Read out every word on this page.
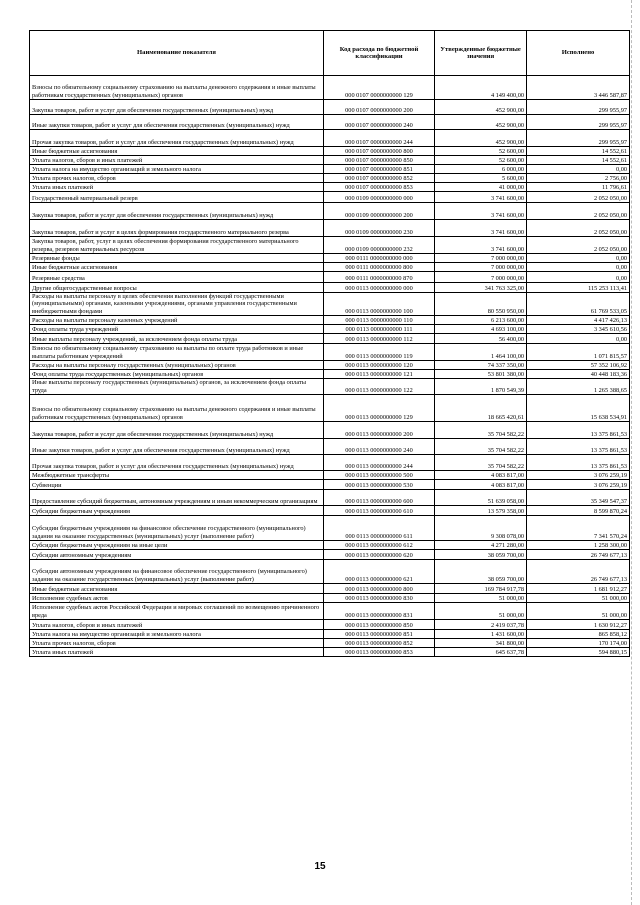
Наименование показателя	Код расхода по бюджетной классификации	Утвержденные бюджетные значения	Исполнено
Взносы по обязательному социальному страхованию на выплаты денежного содержания и иные выплаты работникам государственных (муниципальных) органов	000 0107 0000000000 129	4 149 400,00	3 446 587,87
Закупка товаров, работ и услуг для обеспечения государственных (муниципальных) нужд	000 0107 0000000000 200	452 900,00	299 955,97
Иные закупки товаров, работ и услуг для обеспечения государственных (муниципальных) нужд	000 0107 0000000000 240	452 900,00	299 955,97
Прочая закупка товаров, работ и услуг для обеспечения государственных (муниципальных) нужд	000 0107 0000000000 244	452 900,00	299 955,97
Иные бюджетные ассигнования	000 0107 0000000000 800	52 600,00	14 552,61
Уплата налогов, сборов и иных платежей	000 0107 0000000000 850	52 600,00	14 552,61
Уплата налога на имущество организаций и земельного налога	000 0107 0000000000 851	6 000,00	0,00
Уплата прочих налогов, сборов	000 0107 0000000000 852	5 600,00	2 756,00
Уплата иных платежей	000 0107 0000000000 853	41 000,00	11 796,61
Государственный материальный резерв	000 0109 0000000000 000	3 741 600,00	2 052 050,00
Закупка товаров, работ и услуг для обеспечения государственных (муниципальных) нужд	000 0109 0000000000 200	3 741 600,00	2 052 050,00
Закупка товаров, работ и услуг в целях формирования государственного материального резерва	000 0109 0000000000 230	3 741 600,00	2 052 050,00
Закупка товаров, работ, услуг в целях обеспечения формирования государственного материального резерва, резервов материальных ресурсов	000 0109 0000000000 232	3 741 600,00	2 052 050,00
Резервные фонды	000 0111 0000000000 000	7 000 000,00	0,00
Иные бюджетные ассигнования	000 0111 0000000000 800	7 000 000,00	0,00
Резервные средства	000 0111 0000000000 870	7 000 000,00	0,00
Другие общегосударственные вопросы	000 0113 0000000000 000	341 763 325,00	115 253 113,41
Расходы на выплаты персоналу в целях обеспечения выполнения функций государственными (муниципальными) органами, казенными учреждениями, органами управления государственными внебюджетными фондами	000 0113 0000000000 100	80 550 950,00	61 769 533,05
Расходы на выплаты персоналу казенных учреждений	000 0113 0000000000 110	6 213 600,00	4 417 426,13
Фонд оплаты труда учреждений	000 0113 0000000000 111	4 693 100,00	3 345 610,56
Иные выплаты персоналу учреждений, за исключением фонда оплаты труда	000 0113 0000000000 112	56 400,00	0,00
Взносы по обязательному социальному страхованию на выплаты по оплате труда работников и иные выплаты работникам учреждений	000 0113 0000000000 119	1 464 100,00	1 071 815,57
Расходы на выплаты персоналу государственных (муниципальных) органов	000 0113 0000000000 120	74 337 350,00	57 352 106,92
Фонд оплаты труда государственных (муниципальных) органов	000 0113 0000000000 121	53 801 380,00	40 448 183,36
Иные выплаты персоналу государственных (муниципальных) органов, за исключением фонда оплаты труда	000 0113 0000000000 122	1 870 549,39	1 265 388,65
Взносы по обязательному социальному страхованию на выплаты денежного содержания и иные выплаты работникам государственных (муниципальных) органов	000 0113 0000000000 129	18 665 420,61	15 638 534,91
Закупка товаров, работ и услуг для обеспечения государственных (муниципальных) нужд	000 0113 0000000000 200	35 704 582,22	13 375 861,53
Иные закупки товаров, работ и услуг для обеспечения государственных (муниципальных) нужд	000 0113 0000000000 240	35 704 582,22	13 375 861,53
Прочая закупка товаров, работ и услуг для обеспечения государственных (муниципальных) нужд	000 0113 0000000000 244	35 704 582,22	13 375 861,53
Межбюджетные трансферты	000 0113 0000000000 500	4 083 817,00	3 076 259,19
Субвенции	000 0113 0000000000 530	4 083 817,00	3 076 259,19
Предоставление субсидий бюджетным, автономным учреждениям и иным некоммерческим организациям	000 0113 0000000000 600	51 639 058,00	35 349 547,37
Субсидии бюджетным учреждениям	000 0113 0000000000 610	13 579 358,00	8 599 870,24
Субсидии бюджетным учреждениям на финансовое обеспечение государственного (муниципального) задания на оказание государственных (муниципальных) услуг (выполнение работ)	000 0113 0000000000 611	9 308 078,00	7 341 570,24
Субсидии бюджетным учреждениям на иные цели	000 0113 0000000000 612	4 271 280,00	1 258 300,00
Субсидии автономным учреждениям	000 0113 0000000000 620	38 059 700,00	26 749 677,13
Субсидии автономным учреждениям на финансовое обеспечение государственного (муниципального) задания на оказание государственных (муниципальных) услуг (выполнение работ)	000 0113 0000000000 621	38 059 700,00	26 749 677,13
Иные бюджетные ассигнования	000 0113 0000000000 800	169 784 917,78	1 681 912,27
Исполнение судебных актов	000 0113 0000000000 830	51 000,00	51 000,00
Исполнение судебных актов Российской Федерации и мировых соглашений по возмещению причиненного вреда	000 0113 0000000000 831	51 000,00	51 000,00
Уплата налогов, сборов и иных платежей	000 0113 0000000000 850	2 419 037,78	1 630 912,27
Уплата налога на имущество организаций и земельного налога	000 0113 0000000000 851	1 431 600,00	865 858,12
Уплата прочих налогов, сборов	000 0113 0000000000 852	341 800,00	170 174,00
Уплата иных платежей	000 0113 0000000000 853	645 637,78	594 880,15
15
